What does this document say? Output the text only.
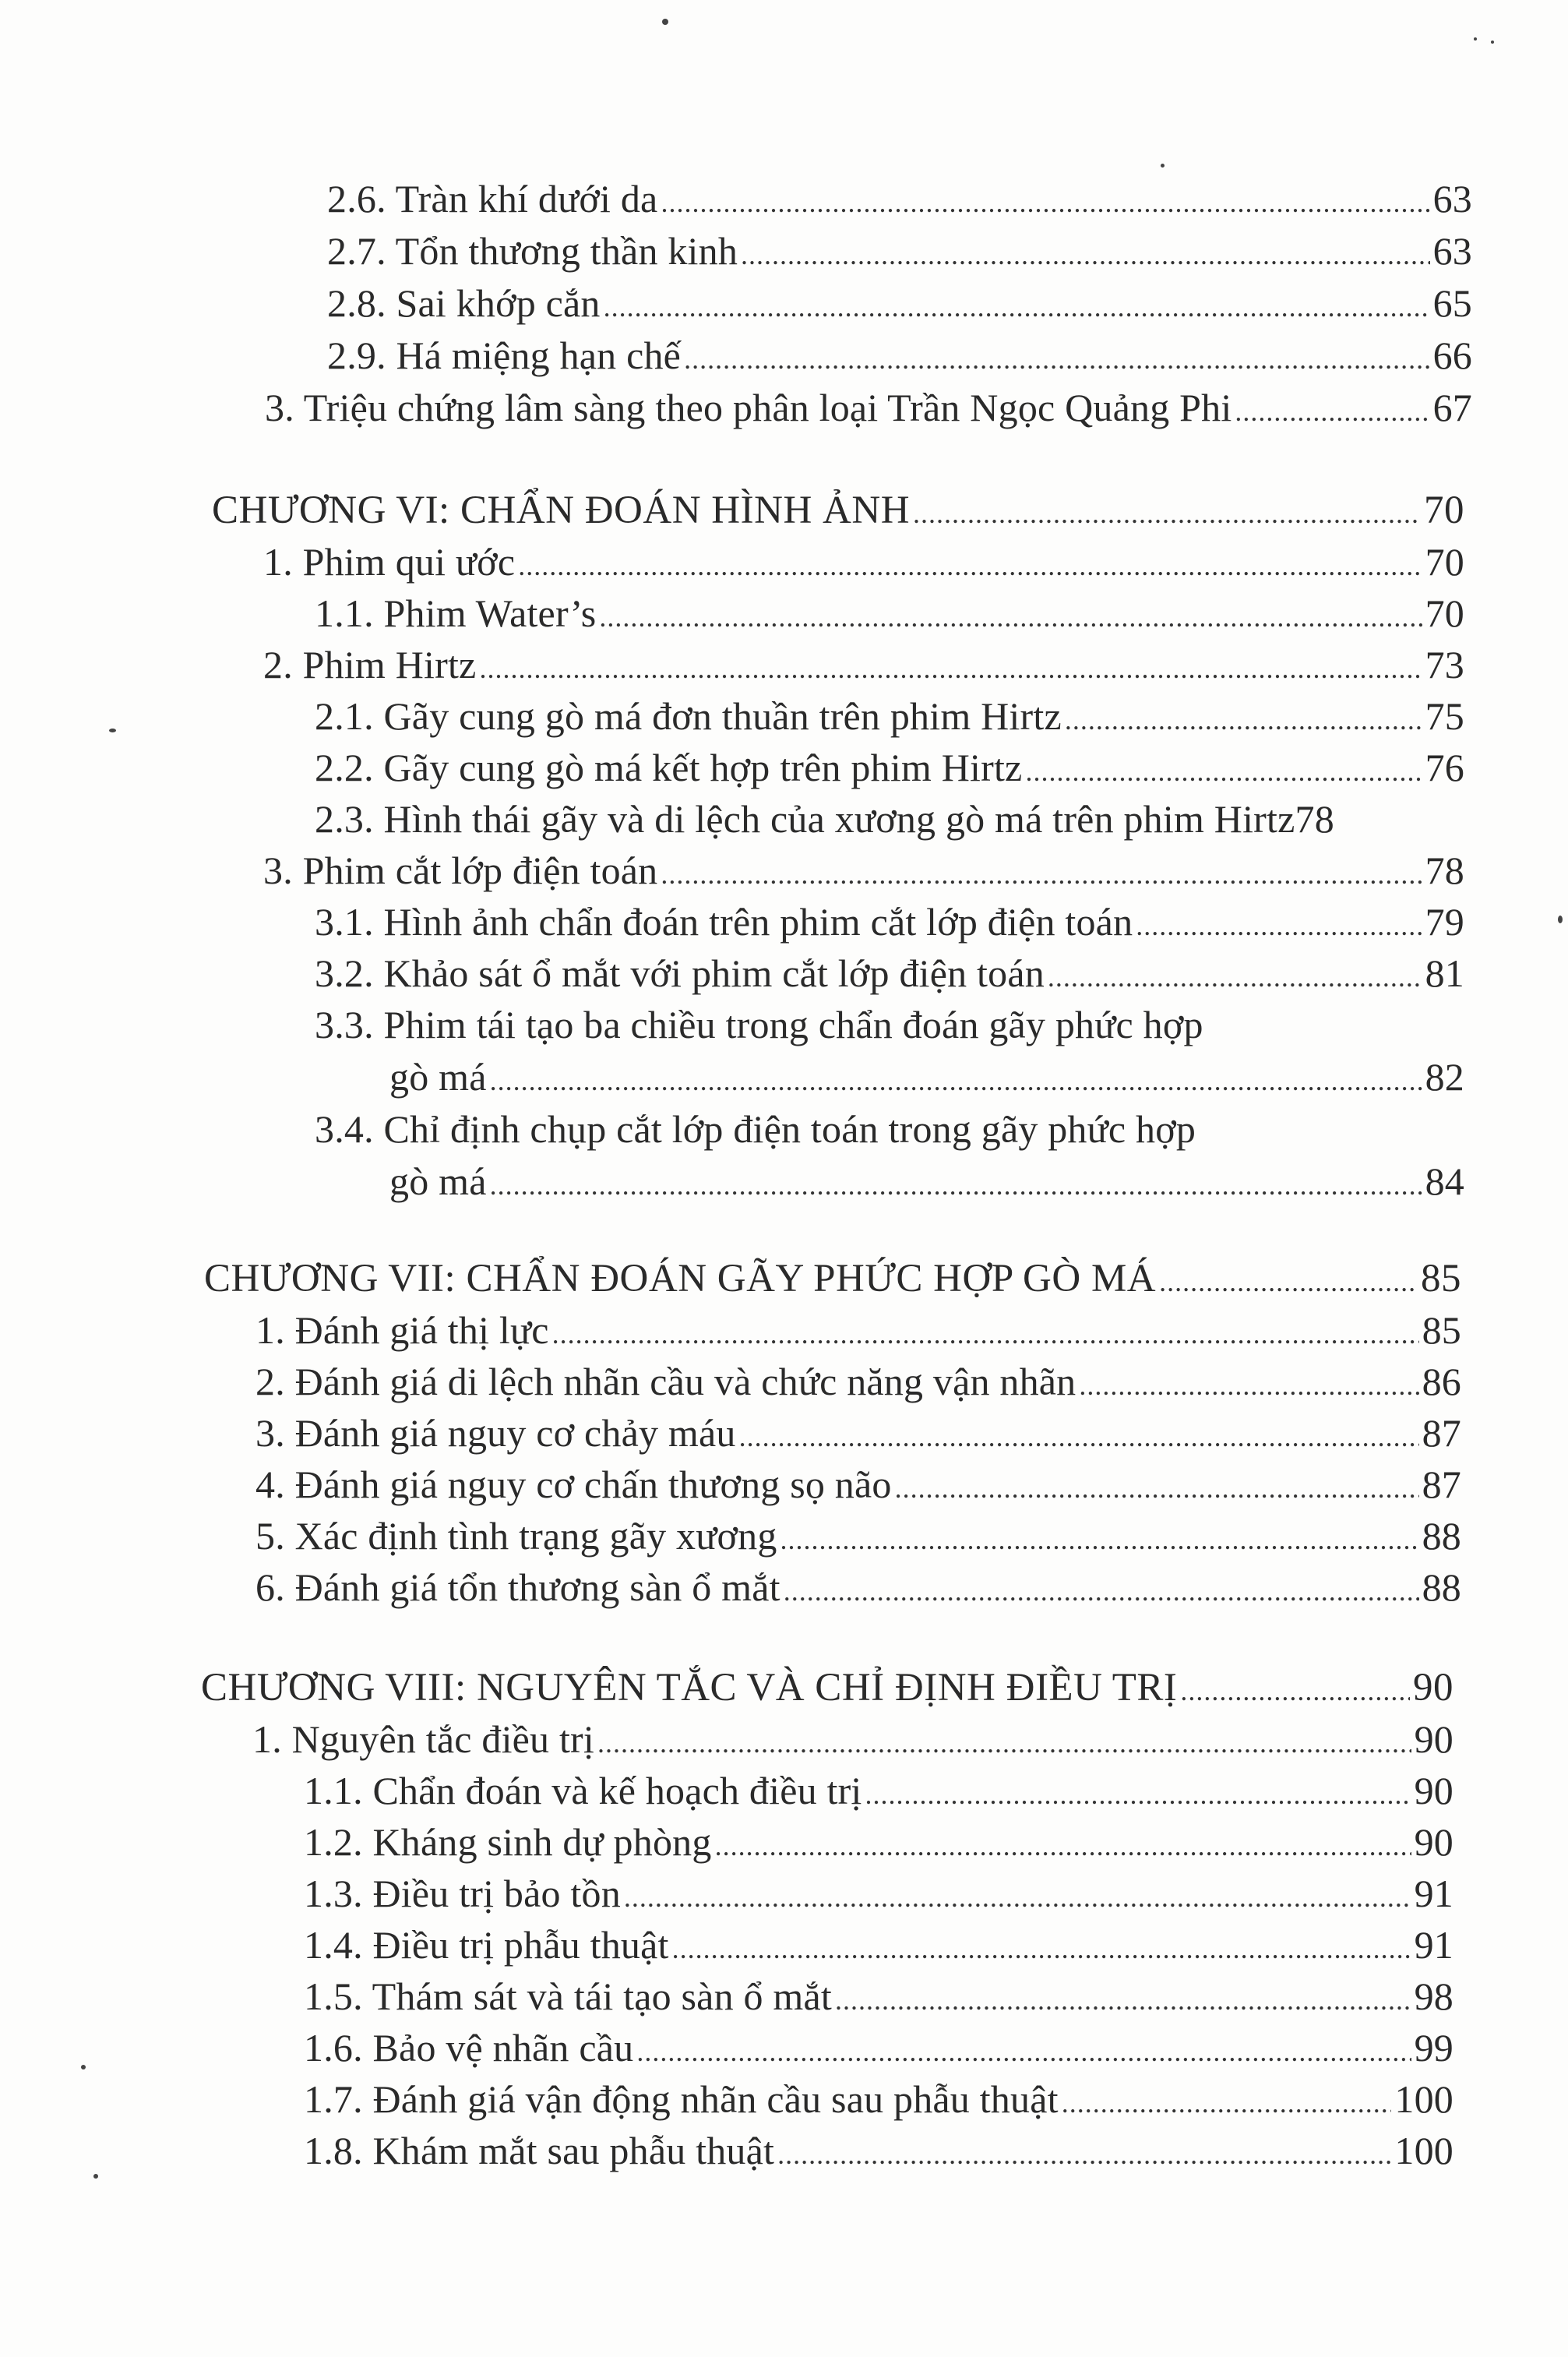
2.6. Tràn khí dưới da .....	63
2.7. Tổn thương thần kinh .....	63
2.8. Sai khớp cắn .....	65
2.9. Há miệng hạn chế .....	66
3. Triệu chứng lâm sàng theo phân loại Trần Ngọc Quảng Phi .....	67
CHƯƠNG VI: CHẨN ĐOÁN HÌNH ẢNH .....	70
1. Phim qui ước .....	70
1.1. Phim Water’s .....	70
2. Phim Hirtz .....	73
2.1. Gãy cung gò má đơn thuần trên phim Hirtz .....	75
2.2. Gãy cung gò má kết hợp trên phim Hirtz .....	76
2.3. Hình thái gãy và di lệch của xương gò má trên phim Hirtz 78
3. Phim cắt lớp điện toán .....	78
3.1. Hình ảnh chẩn đoán trên phim cắt lớp điện toán .....	79
3.2. Khảo sát ổ mắt với phim cắt lớp điện toán .....	81
3.3. Phim tái tạo ba chiều trong chẩn đoán gãy phức hợp
gò má .....	82
3.4. Chỉ định chụp cắt lớp điện toán trong gãy phức hợp
gò má .....	84
CHƯƠNG VII: CHẨN ĐOÁN GÃY PHỨC HỢP GÒ MÁ .....	85
1. Đánh giá thị lực .....	85
2. Đánh giá di lệch nhãn cầu và chức năng vận nhãn .....	86
3. Đánh giá nguy cơ chảy máu .....	87
4. Đánh giá nguy cơ chấn thương sọ não .....	87
5. Xác định tình trạng gãy xương .....	88
6. Đánh giá tổn thương sàn ổ mắt .....	88
CHƯƠNG VIII: NGUYÊN TẮC VÀ CHỈ ĐỊNH ĐIỀU TRỊ .....	90
1. Nguyên tắc điều trị .....	90
1.1. Chẩn đoán và kế hoạch điều trị .....	90
1.2. Kháng sinh dự phòng .....	90
1.3. Điều trị bảo tồn .....	91
1.4. Điều trị phẫu thuật .....	91
1.5. Thám sát và tái tạo sàn ổ mắt .....	98
1.6. Bảo vệ nhãn cầu .....	99
1.7. Đánh giá vận động nhãn cầu sau phẫu thuật .....	100
1.8. Khám mắt sau phẫu thuật .....	100
